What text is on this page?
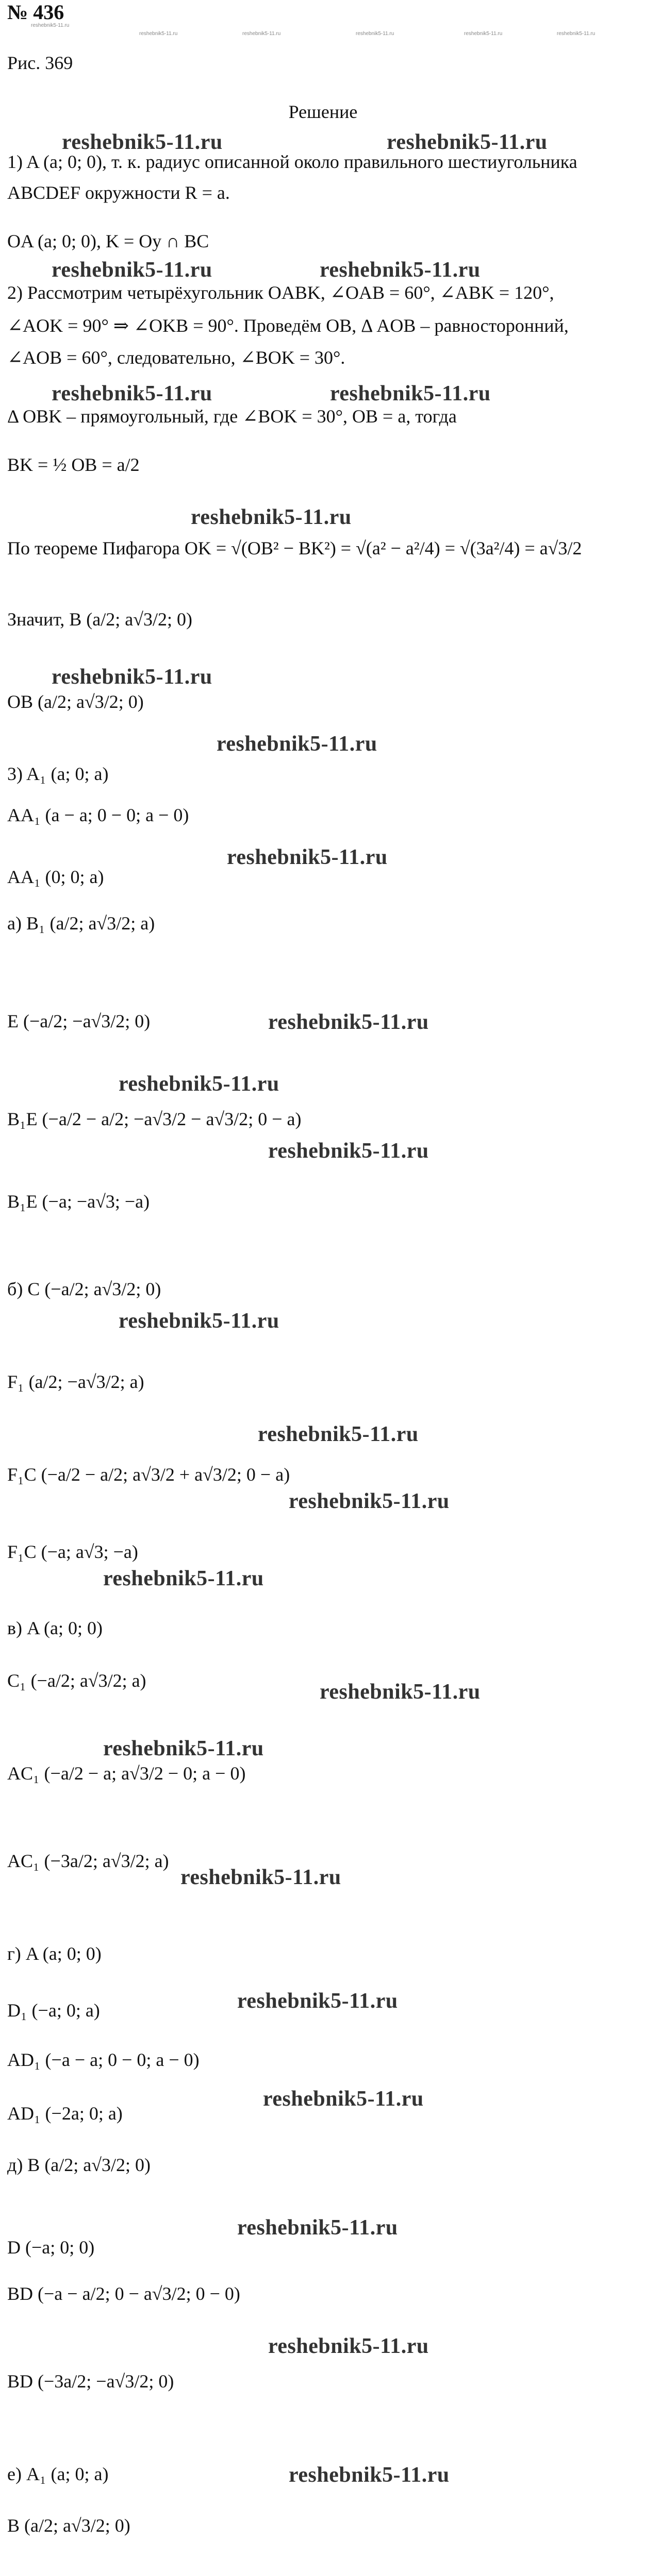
reshebnik5-11.ru
reshebnik5-11.ru	reshebnik5-11.ru	reshebnik5-11.ru	reshebnik5-11.ru	reshebnik5-11.ru
reshebnik5-11.ru	reshebnik5-11.ru
reshebnik5-11.ru	reshebnik5-11.ru
reshebnik5-11.ru	reshebnik5-11.ru
reshebnik5-11.ru
reshebnik5-11.ru
reshebnik5-11.ru
reshebnik5-11.ru
reshebnik5-11.ru
reshebnik5-11.ru
reshebnik5-11.ru
reshebnik5-11.ru
reshebnik5-11.ru
reshebnik5-11.ru
reshebnik5-11.ru
reshebnik5-11.ru
reshebnik5-11.ru
reshebnik5-11.ru
reshebnik5-11.ru
reshebnik5-11.ru
reshebnik5-11.ru
reshebnik5-11.ru
reshebnik5-11.ru
№ 436
Рис. 369
Решение
1) A (a; 0; 0), т. к. радиус описанной около правильного шестиугольника
ABCDEF окружности R = a.
OA (a; 0; 0), K = Oy ∩ BC
2) Рассмотрим четырёхугольник OABK, ∠OAB = 60°, ∠ABK = 120°,
∠AOK = 90° ⇒ ∠OKB = 90°. Проведём OB, Δ AOB – равносторонний,
∠AOB = 60°, следовательно, ∠BOK = 30°.
Δ OBK – прямоугольный, где ∠BOK = 30°, OB = a, тогда
BK = ½ OB = a/2
По теореме Пифагора OK = √(OB² − BK²) = √(a² − a²/4) = √(3a²/4) = a√3/2
Значит, B (a/2; a√3/2; 0)
OB (a/2; a√3/2; 0)
3) A₁ (a; 0; a)
AA₁ (a − a; 0 − 0; a − 0)
AA₁ (0; 0; a)
а) B₁ (a/2; a√3/2; a)
E (−a/2; −a√3/2; 0)
B₁E (−a/2 − a/2; −a√3/2 − a√3/2; 0 − a)
B₁E (−a; −a√3; −a)
б) C (−a/2; a√3/2; 0)
F₁ (a/2; −a√3/2; a)
F₁C (−a/2 − a/2; a√3/2 + a√3/2; 0 − a)
F₁C (−a; a√3; −a)
в) A (a; 0; 0)
C₁ (−a/2; a√3/2; a)
AC₁ (−a/2 − a; a√3/2 − 0; a − 0)
AC₁ (−3a/2; a√3/2; a)
г) A (a; 0; 0)
D₁ (−a; 0; a)
AD₁ (−a − a; 0 − 0; a − 0)
AD₁ (−2a; 0; a)
д) B (a/2; a√3/2; 0)
D (−a; 0; 0)
BD (−a − a/2; 0 − a√3/2; 0 − 0)
BD (−3a/2; −a√3/2; 0)
е) A₁ (a; 0; a)
B (a/2; a√3/2; 0)
